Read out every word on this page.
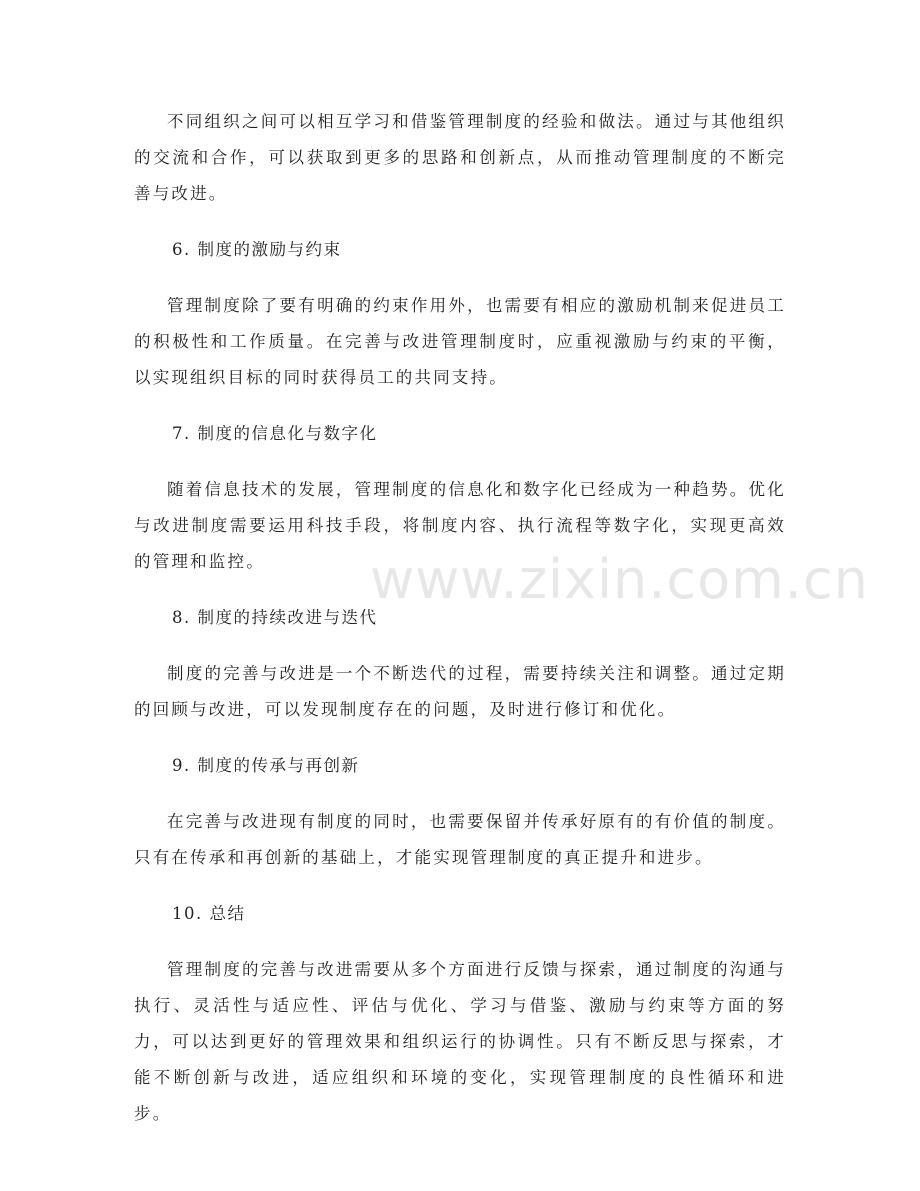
不同组织之间可以相互学习和借鉴管理制度的经验和做法。通过与其他组织的交流和合作，可以获取到更多的思路和创新点，从而推动管理制度的不断完善与改进。

6. 制度的激励与约束

管理制度除了要有明确的约束作用外，也需要有相应的激励机制来促进员工的积极性和工作质量。在完善与改进管理制度时，应重视激励与约束的平衡，以实现组织目标的同时获得员工的共同支持。

7. 制度的信息化与数字化

随着信息技术的发展，管理制度的信息化和数字化已经成为一种趋势。优化与改进制度需要运用科技手段，将制度内容、执行流程等数字化，实现更高效的管理和监控。

8. 制度的持续改进与迭代

制度的完善与改进是一个不断迭代的过程，需要持续关注和调整。通过定期的回顾与改进，可以发现制度存在的问题，及时进行修订和优化。

9. 制度的传承与再创新

在完善与改进现有制度的同时，也需要保留并传承好原有的有价值的制度。只有在传承和再创新的基础上，才能实现管理制度的真正提升和进步。

10. 总结

管理制度的完善与改进需要从多个方面进行反馈与探索，通过制度的沟通与执行、灵活性与适应性、评估与优化、学习与借鉴、激励与约束等方面的努力，可以达到更好的管理效果和组织运行的协调性。只有不断反思与探索，才能不断创新与改进，适应组织和环境的变化，实现管理制度的良性循环和进步。

www.zixin.com.cn
